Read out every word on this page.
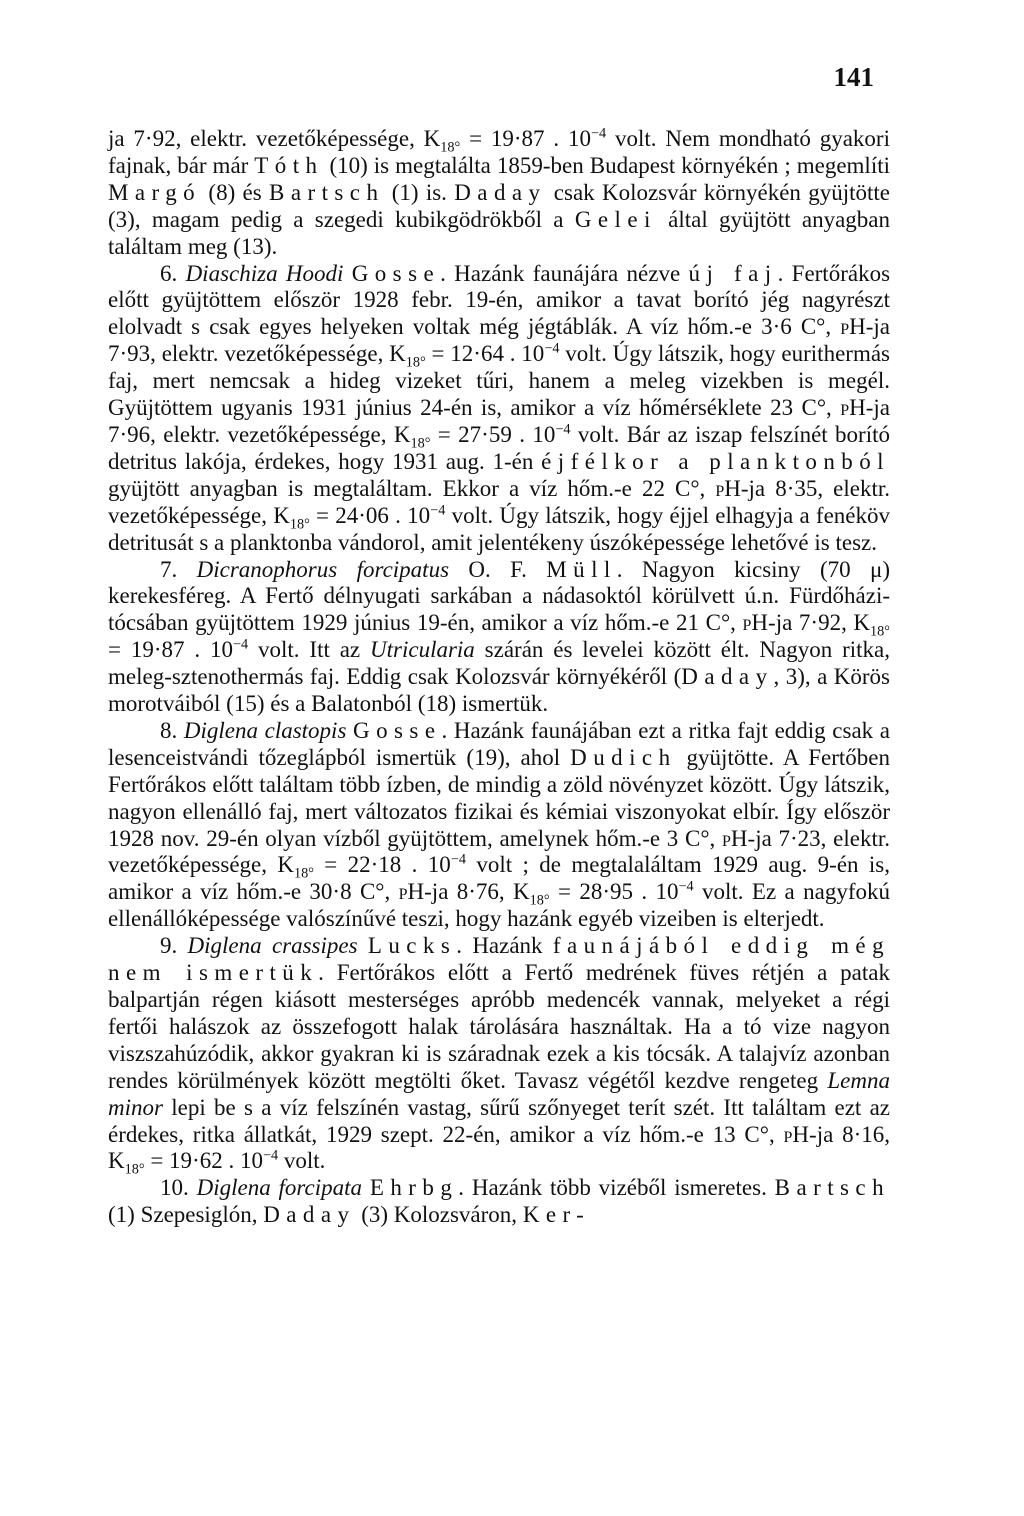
141

ja 7·92, elektr. vezetőképessége, $K_{18^\circ} = 19\cdot 87$ . $10^{-4}$ volt. Nem mondható gyakori fajnak, bár már Tóth (10) is megtalálta 1859-ben Budapest környékén ; megemlíti Margó (8) és Bartsch (1) is. Daday csak Kolozsvár környékén gyüjtötte (3), magam pedig a szegedi kubikgödrökből a Gelei által gyüjtött anyagban találtam meg (13).

6. Diaschiza Hoodi Gosse. Hazánk faunájára nézve új faj. Fertőrákos előtt gyüjtöttem először 1928 febr. 19-én, amikor a tavat borító jég nagyrészt elolvadt s csak egyes helyeken voltak még jégtáblák. A víz hőm.-e 3·6 C°, pH-ja 7·93, elektr. vezetőképessége, $K_{18^\circ} = 12\cdot 64$ . $10^{-4}$ volt. Úgy látszik, hogy eurithermás faj, mert nemcsak a hideg vizeket tűri, hanem a meleg vizekben is megél. Gyüjtöttem ugyanis 1931 június 24-én is, amikor a víz hőmérséklete 23 C°, pH-ja 7·96, elektr. vezetőképessége, $K_{18^\circ} = 27\cdot 59$ . $10^{-4}$ volt. Bár az iszap felszínét borító detritus lakója, érdekes, hogy 1931 aug. 1-én éjfélkor a planktonból gyüjtött anyagban is megtaláltam. Ekkor a víz hőm.-e 22 C°, pH-ja 8·35, elektr. vezetőképessége, $K_{18^\circ} = 24\cdot 06$ . $10^{-4}$ volt. Úgy látszik, hogy éjjel elhagyja a fenéköv detritusát s a planktonba vándorol, amit jelentékeny úszóképessége lehetővé is tesz.

7. Dicranophorus forcipatus O. F. Müll. Nagyon kicsiny (70 μ) kerekesféreg. A Fertő délnyugati sarkában a nádasoktól körülvett ú.n. Fürdőházi-tócsában gyüjtöttem 1929 június 19-én, amikor a víz hőm.-e 21 C°, pH-ja 7·92, $K_{18^\circ} = 19\cdot 87$ . $10^{-4}$ volt. Itt az Utricularia szárán és levelei között élt. Nagyon ritka, meleg-sztenothermás faj. Eddig csak Kolozsvár környékéről (Daday, 3), a Körös morotváiból (15) és a Balatonból (18) ismertük.

8. Diglena clastopis Gosse. Hazánk faunájában ezt a ritka fajt eddig csak a lesenceistvándi tőzeglápból ismertük (19), ahol Dudich gyüjtötte. A Fertőben Fertőrákos előtt találtam több ízben, de mindig a zöld növényzet között. Úgy látszik, nagyon ellenálló faj, mert változatos fizikai és kémiai viszonyokat elbír. Így először 1928 nov. 29-én olyan vízből gyüjtöttem, amelynek hőm.-e 3 C°, pH-ja 7·23, elektr. vezetőképessége, $K_{18^\circ} = 22\cdot 18$ . $10^{-4}$ volt ; de megtalaláltam 1929 aug. 9-én is, amikor a víz hőm.-e 30·8 C°, pH-ja 8·76, $K_{18^\circ} = 28\cdot 95$ . $10^{-4}$ volt. Ez a nagyfokú ellenállóképessége valószínűvé teszi, hogy hazánk egyéb vizeiben is elterjedt.

9. Diglena crassipes Lucks. Hazánk faunájából eddig még nem ismertük. Fertőrákos előtt a Fertő medrének füves rétjén a patak balpartján régen kiásott mesterséges apróbb medencék vannak, melyeket a régi fertői halászok az összefogott halak tárolására használtak. Ha a tó vize nagyon viszszahúzódik, akkor gyakran ki is száradnak ezek a kis tócsák. A talajvíz azonban rendes körülmények között megtölti őket. Tavasz végétől kezdve rengeteg Lemna minor lepi be s a víz felszínén vastag, sűrű szőnyeget terít szét. Itt találtam ezt az érdekes, ritka állatkát, 1929 szept. 22-én, amikor a víz hőm.-e 13 C°, pH-ja 8·16, $K_{18^\circ} = 19\cdot 62$ . $10^{-4}$ volt.

10. Diglena forcipata Ehrbg. Hazánk több vizéből ismeretes. Bartsch (1) Szepesiglón, Daday (3) Kolozsváron, Ker-
